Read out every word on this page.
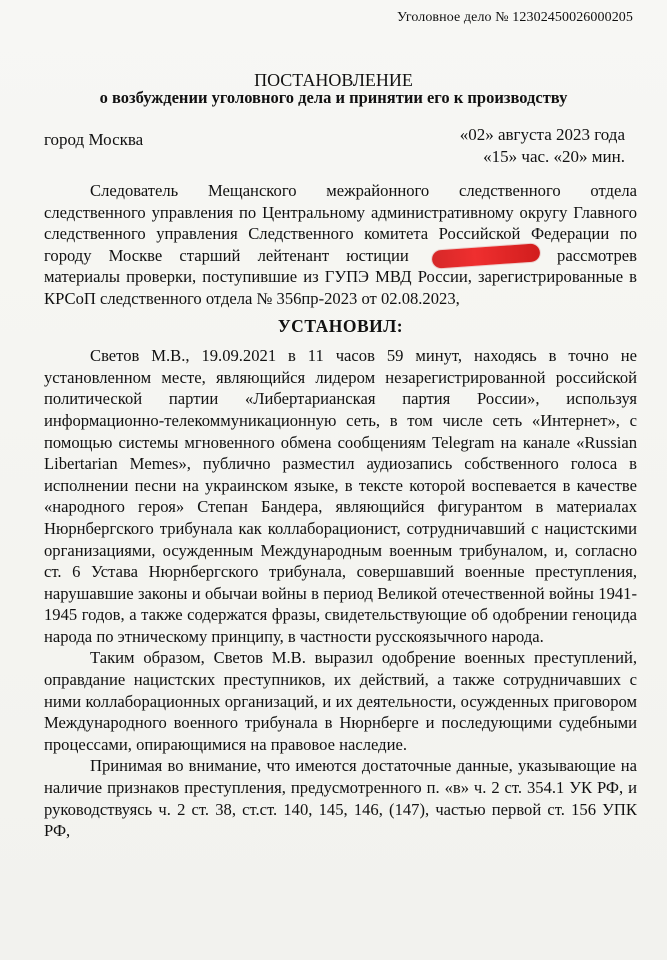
Уголовное дело № 12302450026000205
ПОСТАНОВЛЕНИЕ
о возбуждении уголовного дела и принятии его к производству
город Москва	«02» августа 2023 года
«15» час. «20» мин.

Следователь Мещанского межрайонного следственного отдела следственного управления по Центральному административному округу Главного следственного управления Следственного комитета Российской Федерации по городу Москве старший лейтенант юстиции	рассмотрев материалы проверки, поступившие из ГУПЭ МВД России, зарегистрированные в КРСоП следственного отдела № 356пр-2023 от 02.08.2023,

УСТАНОВИЛ:

Светов М.В., 19.09.2021 в 11 часов 59 минут, находясь в точно не установленном месте, являющийся лидером незарегистрированной российской политической партии «Либертарианская партия России», используя информационно-телекоммуникационную сеть, в том числе сеть «Интернет», с помощью системы мгновенного обмена сообщениям Telegram на канале «Russian Libertarian Memes», публично разместил аудиозапись собственного голоса в исполнении песни на украинском языке, в тексте которой воспевается в качестве «народного героя» Степан Бандера, являющийся фигурантом в материалах Нюрнбергского трибунала как коллаборационист, сотрудничавший с нацистскими организациями, осужденным Международным военным трибуналом, и, согласно ст. 6 Устава Нюрнбергского трибунала, совершавший военные преступления, нарушавшие законы и обычаи войны в период Великой отечественной войны 1941-1945 годов, а также содержатся фразы, свидетельствующие об одобрении геноцида народа по этническому принципу, в частности русскоязычного народа.

Таким образом, Светов М.В. выразил одобрение военных преступлений, оправдание нацистских преступников, их действий, а также сотрудничавших с ними коллаборационных организаций, и их деятельности, осужденных приговором Международного военного трибунала в Нюрнберге и последующими судебными процессами, опирающимися на правовое наследие.

Принимая во внимание, что имеются достаточные данные, указывающие на наличие признаков преступления, предусмотренного п. «в» ч. 2 ст. 354.1 УК РФ, и руководствуясь ч. 2 ст. 38, ст.ст. 140, 145, 146, (147), частью первой ст. 156 УПК РФ,
